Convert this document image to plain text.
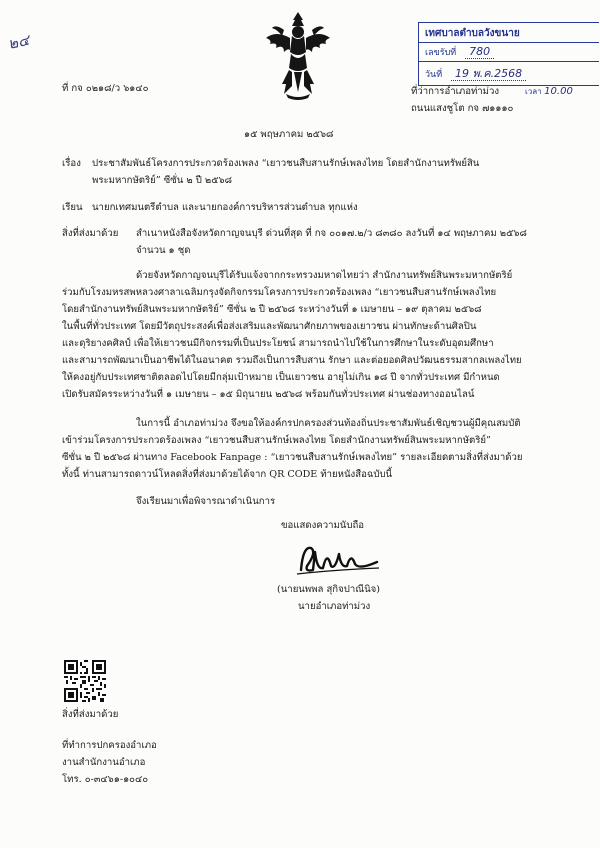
๒๔
ที่ กจ ๐๒๑๘/ว ๖๑๔๐
เทศบาลตำบลวังขนาย
เลขรับที่ 780
วันที่ 19 พ.ค.2568
ที่ว่าการอำเภอท่าม่วง	เวลา 10.00
ถนนแสงชูโต กจ ๗๑๑๑๐
๑๕ พฤษภาคม ๒๕๖๘
เรื่อง ประชาสัมพันธ์โครงการประกวดร้องเพลง “เยาวชนสืบสานรักษ์เพลงไทย โดยสำนักงานทรัพย์สิน
พระมหากษัตริย์” ซีซั่น ๒ ปี ๒๕๖๘
เรียน นายกเทศมนตรีตำบล และนายกองค์การบริหารส่วนตำบล ทุกแห่ง
สิ่งที่ส่งมาด้วย สำเนาหนังสือจังหวัดกาญจนบุรี ด่วนที่สุด ที่ กจ ๐๐๑๗.๒/ว ๘๓๘๐ ลงวันที่ ๑๔ พฤษภาคม ๒๕๖๘
จำนวน ๑ ชุด
ด้วยจังหวัดกาญจนบุรีได้รับแจ้งจากกระทรวงมหาดไทยว่า สำนักงานทรัพย์สินพระมหากษัตริย์
ร่วมกับโรงมหรสพหลวงศาลาเฉลิมกรุงจัดกิจกรรมโครงการประกวดร้องเพลง “เยาวชนสืบสานรักษ์เพลงไทย
โดยสำนักงานทรัพย์สินพระมหากษัตริย์” ซีซั่น ๒ ปี ๒๕๖๘ ระหว่างวันที่ ๑ เมษายน – ๑๙ ตุลาคม ๒๕๖๘
ในพื้นที่ทั่วประเทศ โดยมีวัตถุประสงค์เพื่อส่งเสริมและพัฒนาศักยภาพของเยาวชน ผ่านทักษะด้านศิลปิน
และดุริยางคศิลป์ เพื่อให้เยาวชนมีกิจกรรมที่เป็นประโยชน์ สามารถนำไปใช้ในการศึกษาในระดับอุดมศึกษา
และสามารถพัฒนาเป็นอาชีพได้ในอนาคต รวมถึงเป็นการสืบสาน รักษา และต่อยอดศิลปวัฒนธรรมสากลเพลงไทย
ให้คงอยู่กับประเทศชาติตลอดไปโดยมีกลุ่มเป้าหมาย เป็นเยาวชน อายุไม่เกิน ๑๘ ปี จากทั่วประเทศ มีกำหนด
เปิดรับสมัครระหว่างวันที่ ๑ เมษายน – ๑๕ มิถุนายน ๒๕๖๘ พร้อมกันทั่วประเทศ ผ่านช่องทางออนไลน์
ในการนี้ อำเภอท่าม่วง จึงขอให้องค์กรปกครองส่วนท้องถิ่นประชาสัมพันธ์เชิญชวนผู้มีคุณสมบัติ
เข้าร่วมโครงการประกวดร้องเพลง “เยาวชนสืบสานรักษ์เพลงไทย โดยสำนักงานทรัพย์สินพระมหากษัตริย์”
ซีซั่น ๒ ปี ๒๕๖๘ ผ่านทาง Facebook Fanpage : “เยาวชนสืบสานรักษ์เพลงไทย” รายละเอียดตามสิ่งที่ส่งมาด้วย
ทั้งนี้ ท่านสามารถดาวน์โหลดสิ่งที่ส่งมาด้วยได้จาก QR CODE ท้ายหนังสือฉบับนี้
จึงเรียนมาเพื่อพิจารณาดำเนินการ
ขอแสดงความนับถือ
(นายนพพล สุกิจปาณีนิจ)
นายอำเภอท่าม่วง
สิ่งที่ส่งมาด้วย
ที่ทำการปกครองอำเภอ
งานสำนักงานอำเภอ
โทร. ๐-๓๔๖๑-๑๐๔๐
